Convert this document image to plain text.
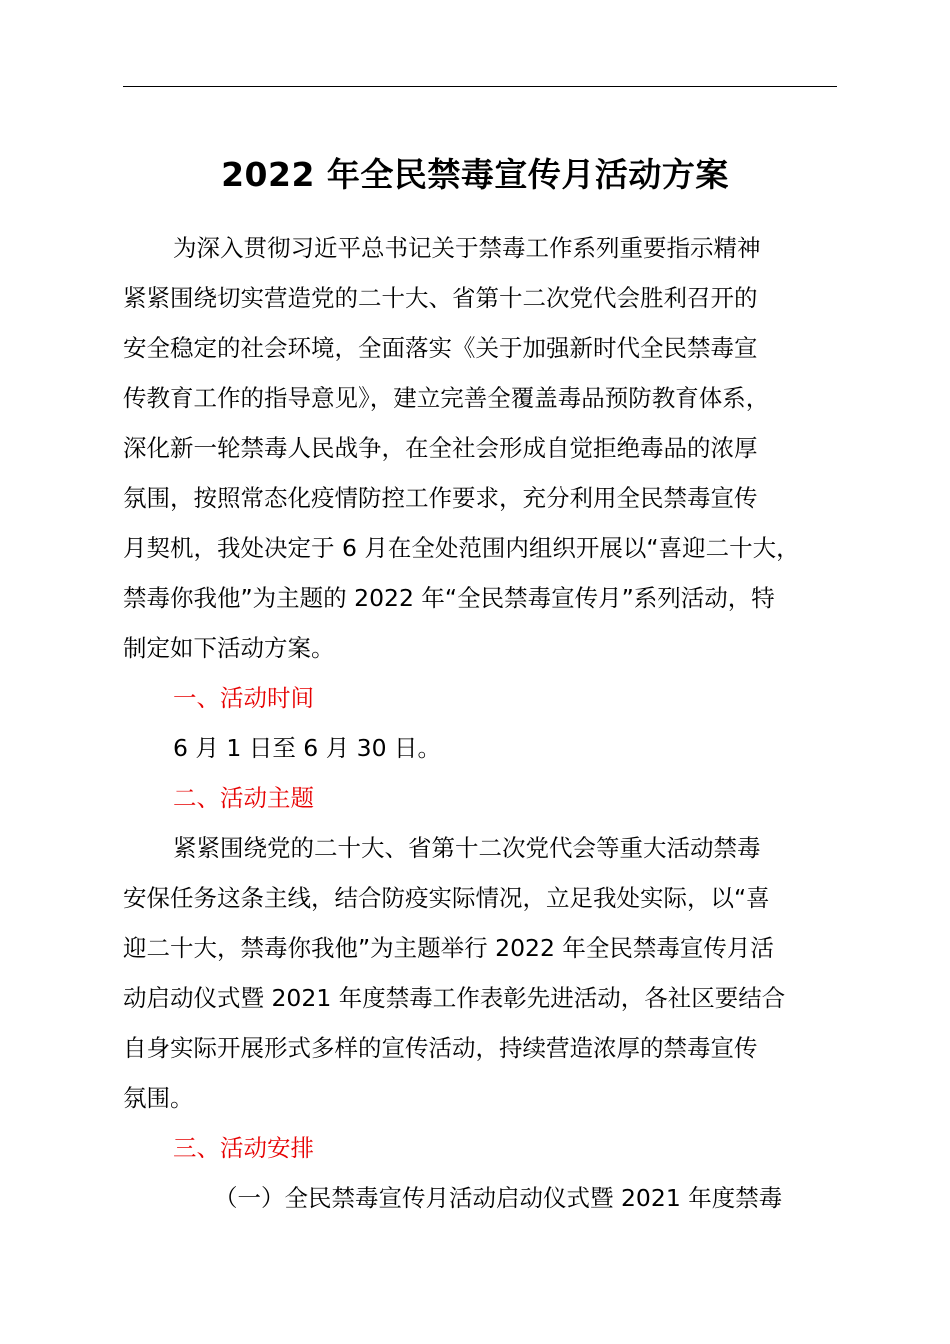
2022 年全民禁毒宣传月活动方案
为深入贯彻习近平总书记关于禁毒工作系列重要指示精神
紧紧围绕切实营造党的二十大、省第十二次党代会胜利召开的
安全稳定的社会环境，全面落实《关于加强新时代全民禁毒宣
传教育工作的指导意见》，建立完善全覆盖毒品预防教育体系，
深化新一轮禁毒人民战争，在全社会形成自觉拒绝毒品的浓厚
氛围，按照常态化疫情防控工作要求，充分利用全民禁毒宣传
月契机，我处决定于 6 月在全处范围内组织开展以“喜迎二十大，
禁毒你我他”为主题的 2022 年“全民禁毒宣传月”系列活动，特
制定如下活动方案。
一、活动时间
6 月 1 日至 6 月 30 日。
二、活动主题
紧紧围绕党的二十大、省第十二次党代会等重大活动禁毒
安保任务这条主线，结合防疫实际情况，立足我处实际，以“喜
迎二十大，禁毒你我他”为主题举行 2022 年全民禁毒宣传月活
动启动仪式暨 2021 年度禁毒工作表彰先进活动，各社区要结合
自身实际开展形式多样的宣传活动，持续营造浓厚的禁毒宣传
氛围。
三、活动安排
（一）全民禁毒宣传月活动启动仪式暨 2021 年度禁毒
